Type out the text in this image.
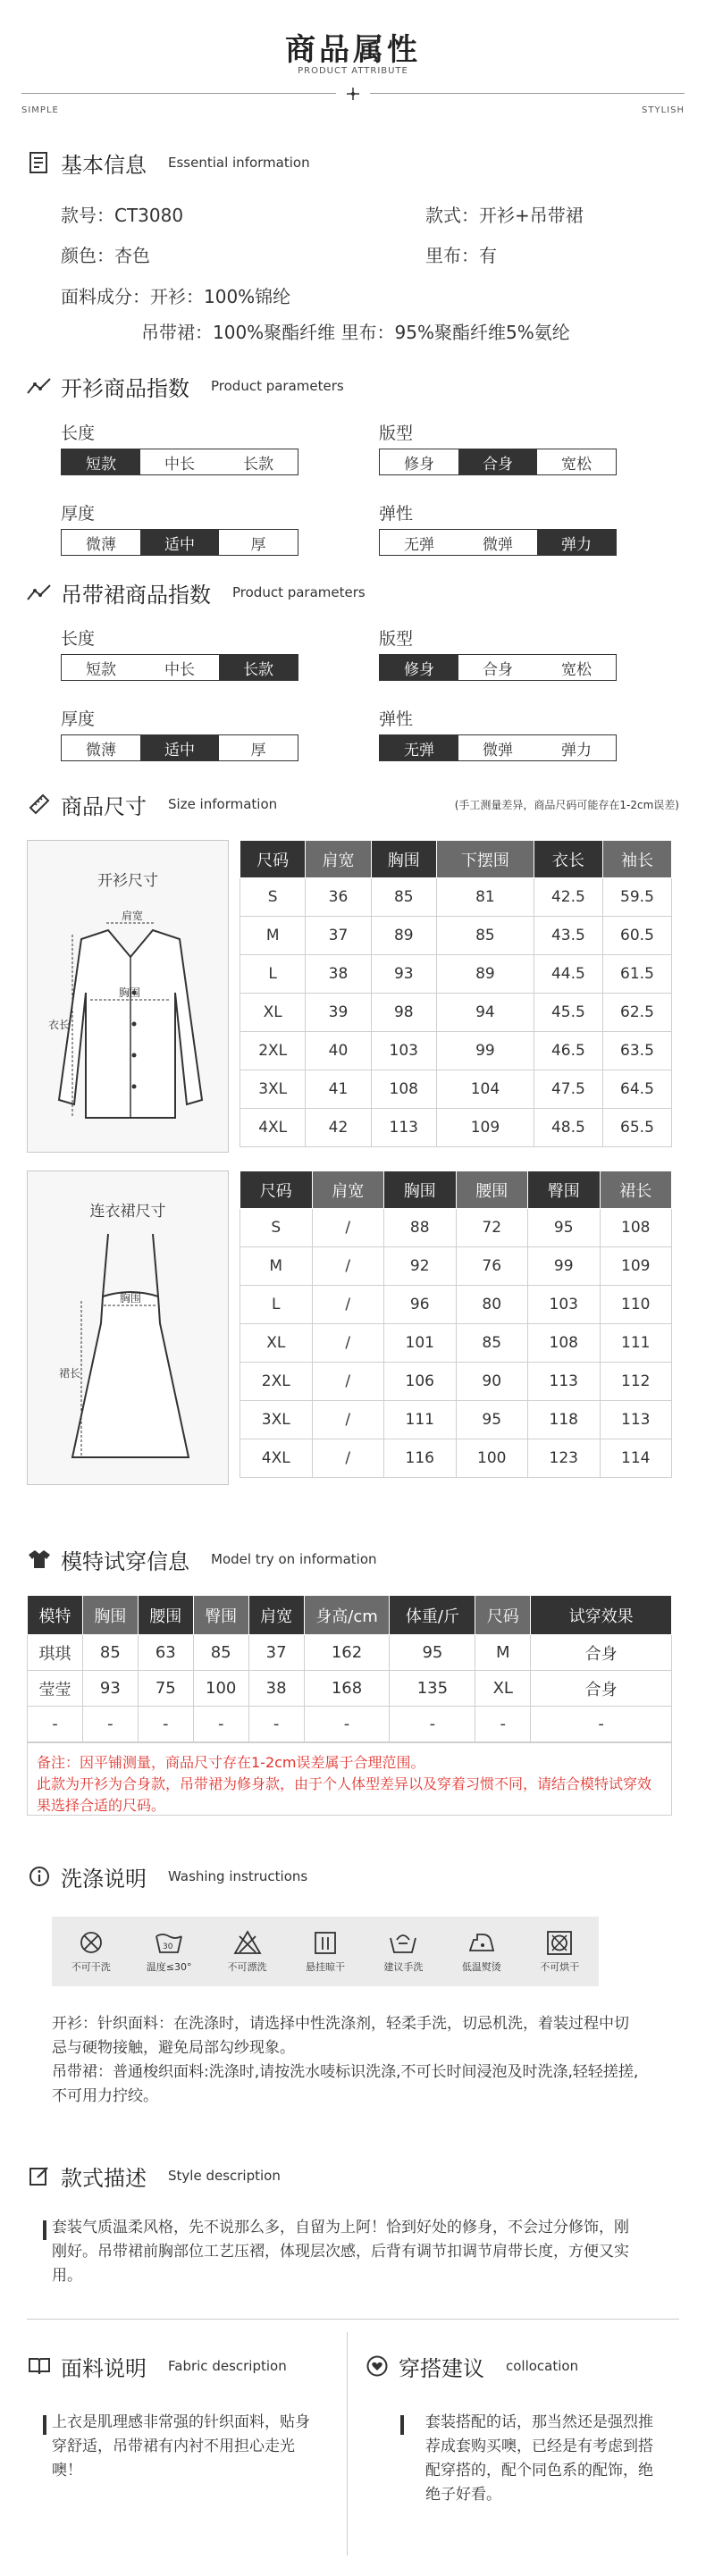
商品属性
PRODUCT ATTRIBUTE
SIMPLE	STYLISH
基本信息 Essential information
款号：CT3080	款式：开衫+吊带裙
颜色：杏色	里布：有
面料成分：开衫：100%锦纶
吊带裙：100%聚酯纤维 里布：95%聚酯纤维5%氨纶
开衫商品指数 Product parameters
长度
短款	中长	长款
版型
修身	合身	宽松
厚度
微薄	适中	厚
弹性
无弹	微弹	弹力
吊带裙商品指数 Product parameters
长度
短款	中长	长款
版型
修身	合身	宽松
厚度
微薄	适中	厚
弹性
无弹	微弹	弹力
商品尺寸 Size information	(手工测量差异，商品尺码可能存在1-2cm误差)
开衫尺寸
肩宽
胸围
衣长
尺码	肩宽	胸围	下摆围	衣长	袖长
S	36	85	81	42.5	59.5
M	37	89	85	43.5	60.5
L	38	93	89	44.5	61.5
XL	39	98	94	45.5	62.5
2XL	40	103	99	46.5	63.5
3XL	41	108	104	47.5	64.5
4XL	42	113	109	48.5	65.5
连衣裙尺寸
胸围
裙长
尺码	肩宽	胸围	腰围	臀围	裙长
S	/	88	72	95	108
M	/	92	76	99	109
L	/	96	80	103	110
XL	/	101	85	108	111
2XL	/	106	90	113	112
3XL	/	111	95	118	113
4XL	/	116	100	123	114
模特试穿信息 Model try on information
模特	胸围	腰围	臀围	肩宽	身高/cm	体重/斤	尺码	试穿效果
琪琪	85	63	85	37	162	95	M	合身
莹莹	93	75	100	38	168	135	XL	合身
-	-	-	-	-	-	-	-	-
备注：因平铺测量，商品尺寸存在1-2cm误差属于合理范围。
此款为开衫为合身款，吊带裙为修身款，由于个人体型差异以及穿着习惯不同，请结合模特试穿效果选择合适的尺码。
洗涤说明 Washing instructions
不可干洗
30
温度≤30°	不可漂洗	悬挂晾干	建议手洗	低温熨烫	不可烘干
开衫：针织面料：在洗涤时，请选择中性洗涤剂，轻柔手洗，切忌机洗，着装过程中切忌与硬物接触，避免局部勾纱现象。
吊带裙：普通梭织面料:洗涤时,请按洗水唛标识洗涤,不可长时间浸泡及时洗涤,轻轻搓搓,不可用力拧绞。
款式描述 Style description
套装气质温柔风格，先不说那么多，自留为上阿！恰到好处的修身，不会过分修饰，刚刚好。吊带裙前胸部位工艺压褶，体现层次感，后背有调节扣调节肩带长度，方便又实用。
面料说明 Fabric description
上衣是肌理感非常强的针织面料，贴身穿舒适，吊带裙有内衬不用担心走光噢！
穿搭建议 collocation
套装搭配的话，那当然还是强烈推荐成套购买噢，已经是有考虑到搭配穿搭的，配个同色系的配饰，绝绝子好看。
